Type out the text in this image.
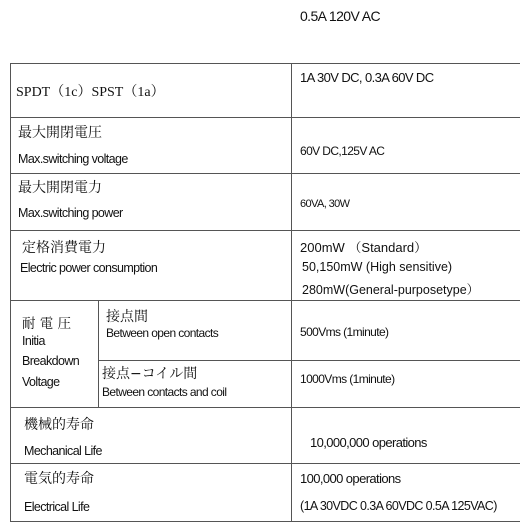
0.5A 120V AC
SPDT（1c）SPST（1a）
1A 30V DC, 0.3A 60V DC
最大開閉電圧
Max.switching voltage
60V DC,125V AC
最大開閉電力
Max.switching power
60VA, 30W
定格消費電力
Electric power consumption
200mW （Standard）
50,150mW (High sensitive)
280mW(General-purposetype）
耐 電 圧
Initia
Breakdown
Voltage
接点間
Between open contacts	500Vms (1minute)
接点−コイル間
Between contacts and coil
1000Vms (1minute)
機械的寿命
Mechanical Life
10,000,000 operations
電気的寿命
Electrical Life
100,000 operations
(1A 30VDC 0.3A 60VDC 0.5A 125VAC)
